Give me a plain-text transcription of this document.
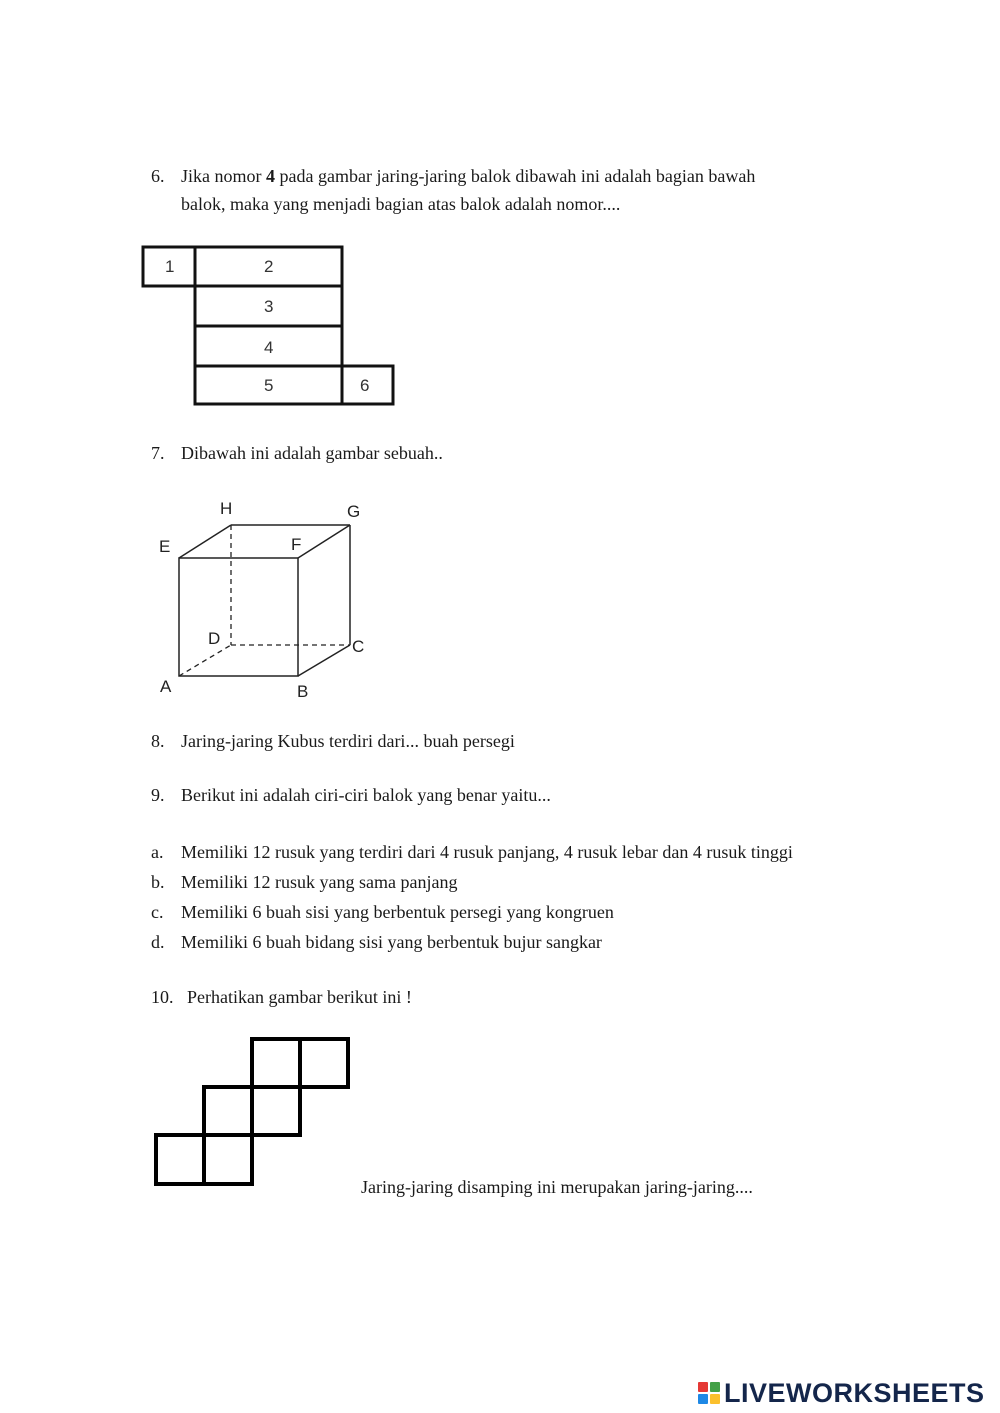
6. Jika nomor 4 pada gambar jaring-jaring balok dibawah ini adalah bagian bawah
balok, maka yang menjadi bagian atas balok adalah nomor....
1	2
3
4
5	6
7. Dibawah ini adalah gambar sebuah..
H	G
E	F
D	C
A	B
8. Jaring-jaring Kubus terdiri dari... buah persegi
9. Berikut ini adalah ciri-ciri balok yang benar yaitu...
a. Memiliki 12 rusuk yang terdiri dari 4 rusuk panjang, 4 rusuk lebar dan 4 rusuk tinggi
b. Memiliki 12 rusuk yang sama panjang
c. Memiliki 6 buah sisi yang berbentuk persegi yang kongruen
d. Memiliki 6 buah bidang sisi yang berbentuk bujur sangkar
10. Perhatikan gambar berikut ini !
Jaring-jaring disamping ini merupakan jaring-jaring....
LIVEWORKSHEETS
